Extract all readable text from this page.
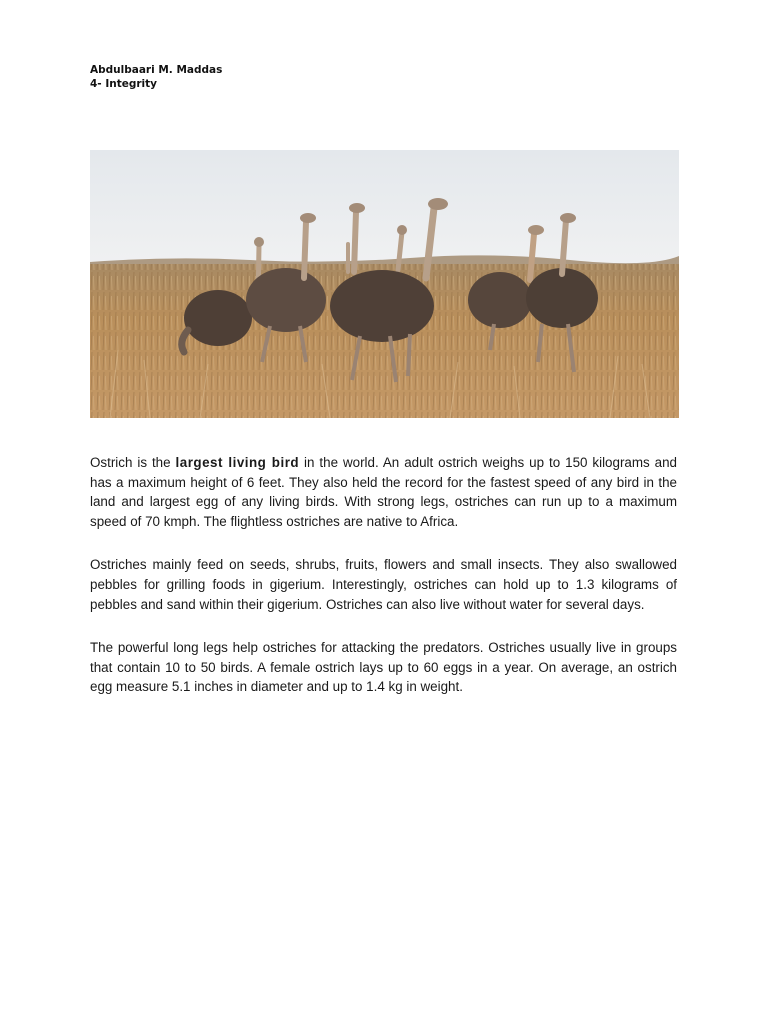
Abdulbaari M. Maddas
4- Integrity

Ostrich is the largest living bird in the world. An adult ostrich weighs up to 150 kilograms and has a maximum height of 6 feet. They also held the record for the fastest speed of any bird in the land and largest egg of any living birds. With strong legs, ostriches can run up to a maximum speed of 70 kmph. The flightless ostriches are native to Africa.

Ostriches mainly feed on seeds, shrubs, fruits, flowers and small insects. They also swallowed pebbles for grilling foods in gigerium. Interestingly, ostriches can hold up to 1.3 kilograms of pebbles and sand within their gigerium. Ostriches can also live without water for several days.

The powerful long legs help ostriches for attacking the predators. Ostriches usually live in groups that contain 10 to 50 birds. A female ostrich lays up to 60 eggs in a year. On average, an ostrich egg measure 5.1 inches in diameter and up to 1.4 kg in weight.
